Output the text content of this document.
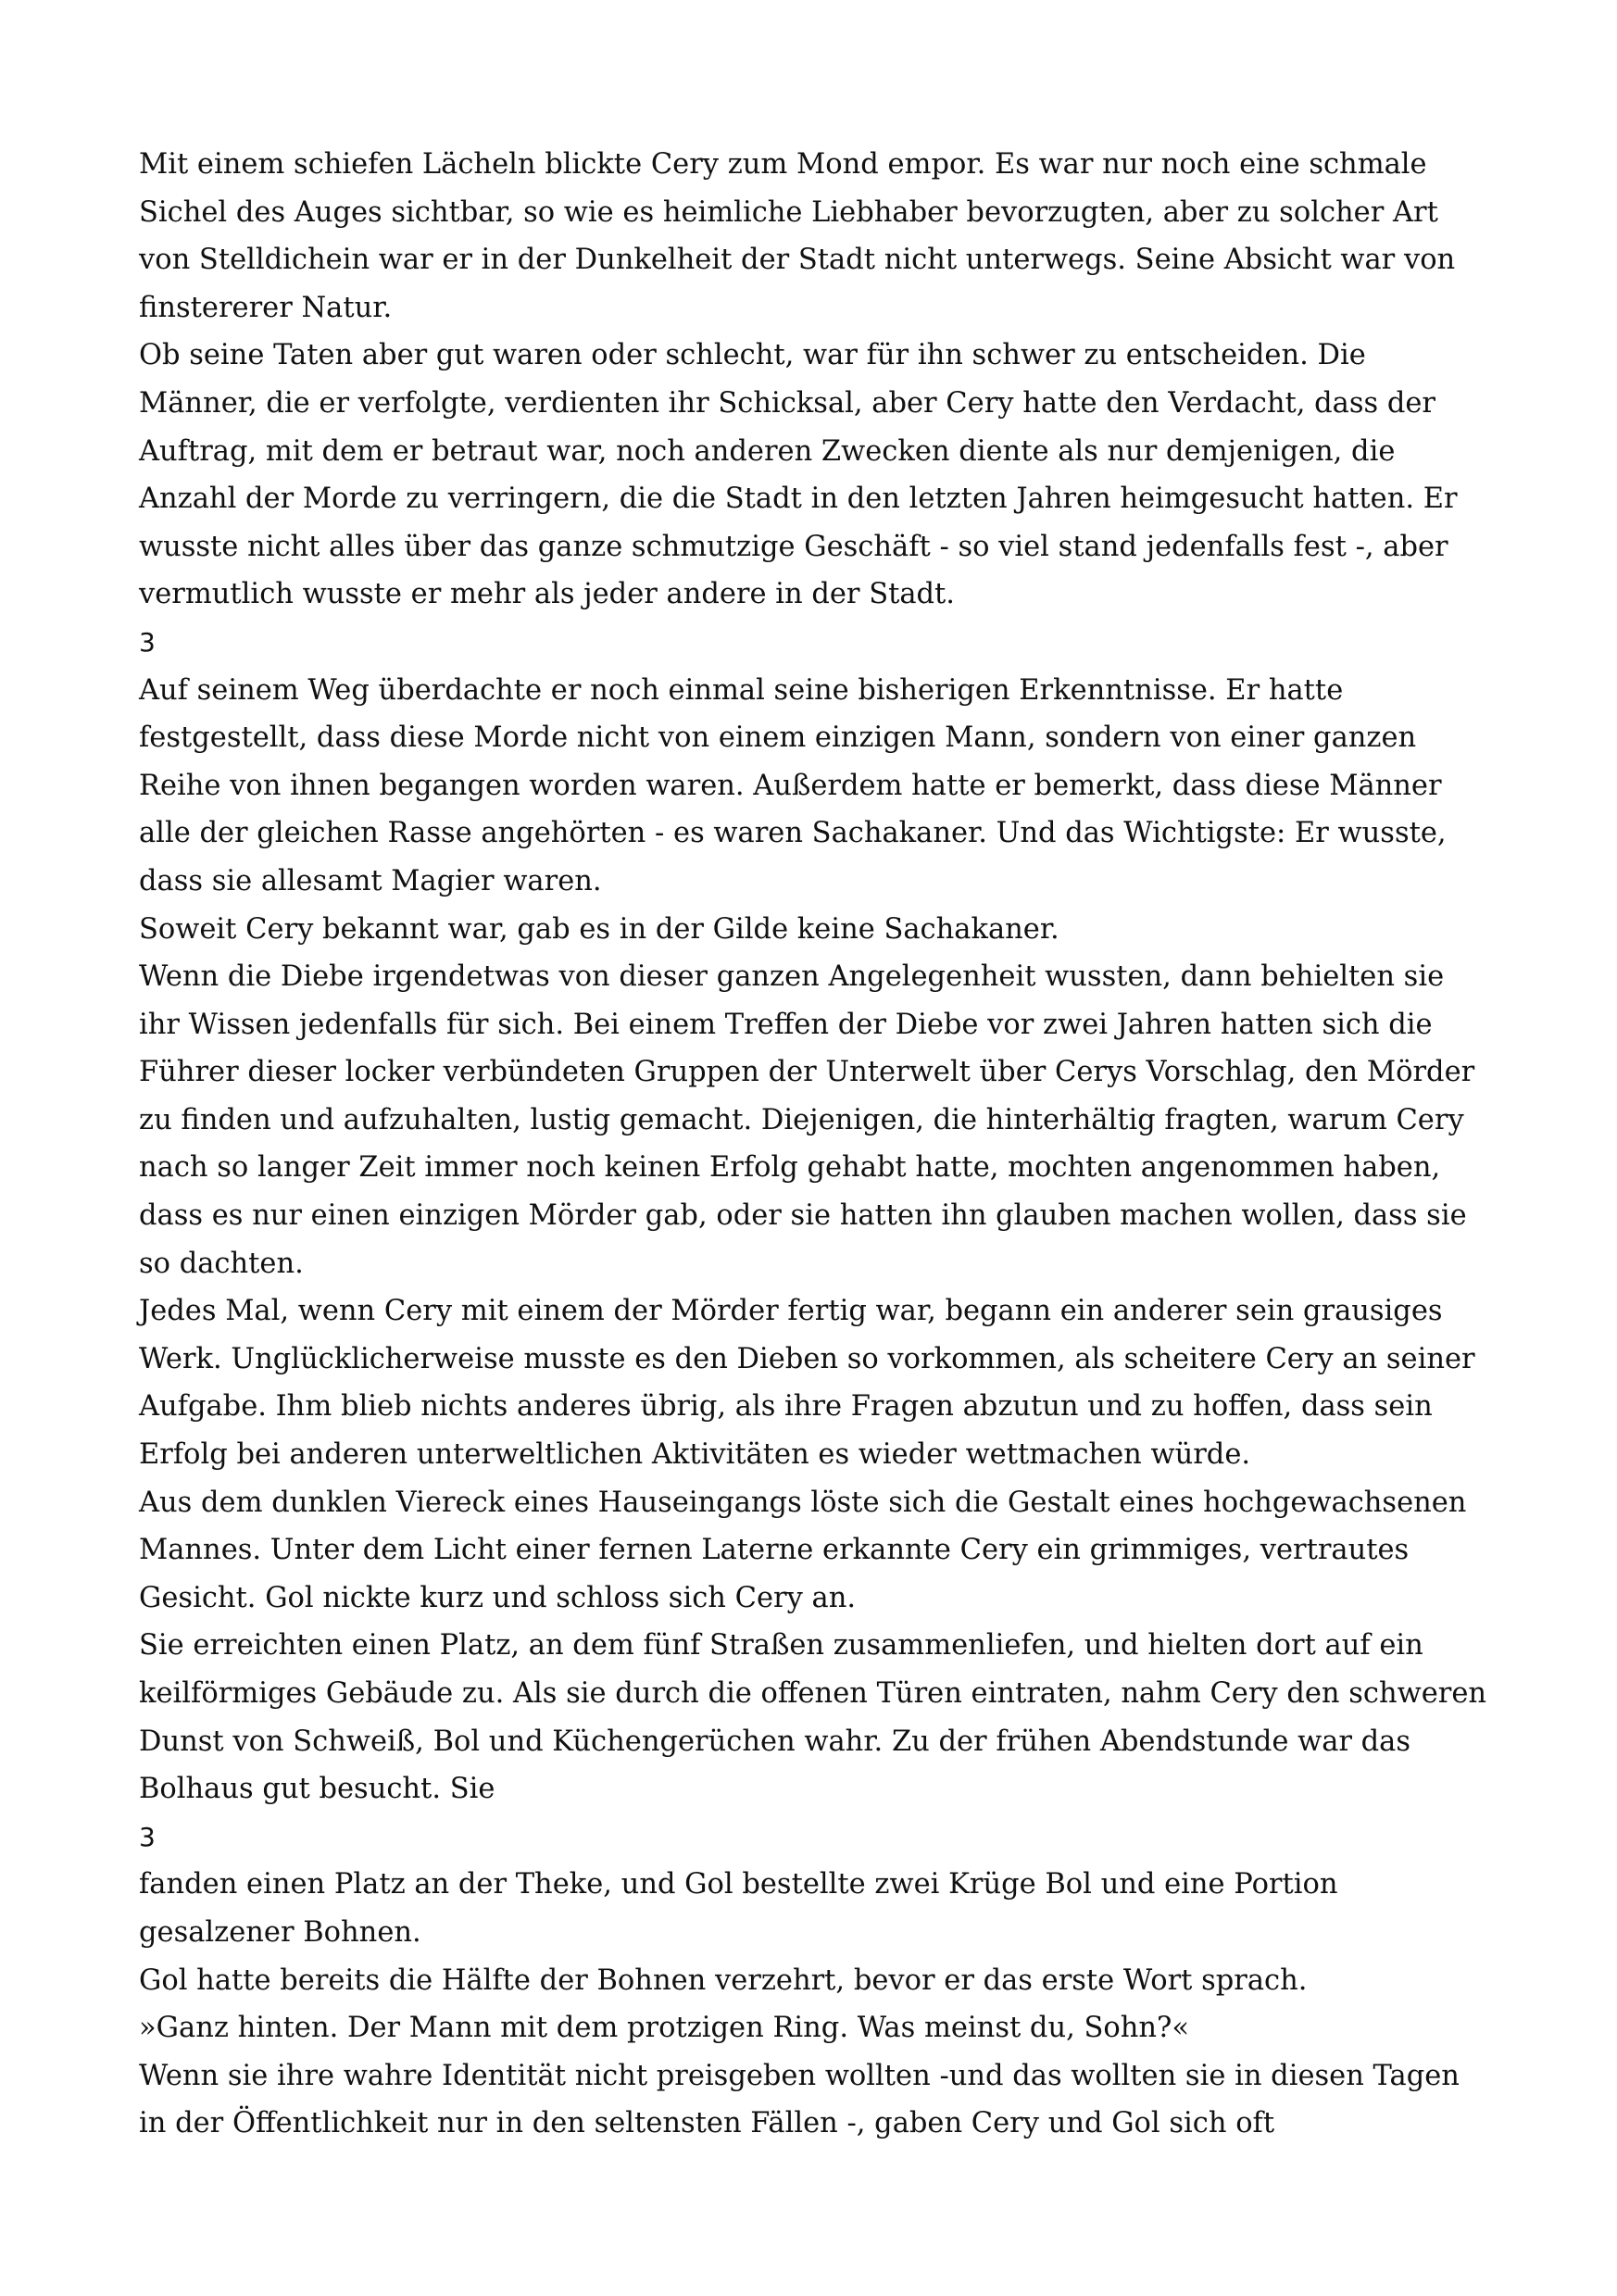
Mit einem schiefen Lächeln blickte Cery zum Mond empor. Es war nur noch eine schmale Sichel des Auges sichtbar, so wie es heimliche Liebhaber bevorzugten, aber zu solcher Art von Stelldichein war er in der Dunkelheit der Stadt nicht unterwegs. Seine Absicht war von finstererer Natur.

Ob seine Taten aber gut waren oder schlecht, war für ihn schwer zu entscheiden. Die Männer, die er verfolgte, verdienten ihr Schicksal, aber Cery hatte den Verdacht, dass der Auftrag, mit dem er betraut war, noch anderen Zwecken diente als nur demjenigen, die Anzahl der Morde zu verringern, die die Stadt in den letzten Jahren heimgesucht hatten. Er wusste nicht alles über das ganze schmutzige Geschäft - so viel stand jedenfalls fest -, aber vermutlich wusste er mehr als jeder andere in der Stadt.

3

Auf seinem Weg überdachte er noch einmal seine bisherigen Erkenntnisse. Er hatte festgestellt, dass diese Morde nicht von einem einzigen Mann, sondern von einer ganzen Reihe von ihnen begangen worden waren. Außerdem hatte er bemerkt, dass diese Männer alle der gleichen Rasse angehörten - es waren Sachakaner. Und das Wichtigste: Er wusste, dass sie allesamt Magier waren.

Soweit Cery bekannt war, gab es in der Gilde keine Sachakaner.

Wenn die Diebe irgendetwas von dieser ganzen Angelegenheit wussten, dann behielten sie ihr Wissen jedenfalls für sich. Bei einem Treffen der Diebe vor zwei Jahren hatten sich die Führer dieser locker verbündeten Gruppen der Unterwelt über Cerys Vorschlag, den Mörder zu finden und aufzuhalten, lustig gemacht. Diejenigen, die hinterhältig fragten, warum Cery nach so langer Zeit immer noch keinen Erfolg gehabt hatte, mochten angenommen haben, dass es nur einen einzigen Mörder gab, oder sie hatten ihn glauben machen wollen, dass sie so dachten.

Jedes Mal, wenn Cery mit einem der Mörder fertig war, begann ein anderer sein grausiges Werk. Unglücklicherweise musste es den Dieben so vorkommen, als scheitere Cery an seiner Aufgabe. Ihm blieb nichts anderes übrig, als ihre Fragen abzutun und zu hoffen, dass sein Erfolg bei anderen unterweltlichen Aktivitäten es wieder wettmachen würde.

Aus dem dunklen Viereck eines Hauseingangs löste sich die Gestalt eines hochgewachsenen Mannes. Unter dem Licht einer fernen Laterne erkannte Cery ein grimmiges, vertrautes Gesicht. Gol nickte kurz und schloss sich Cery an.

Sie erreichten einen Platz, an dem fünf Straßen zusammenliefen, und hielten dort auf ein keilförmiges Gebäude zu. Als sie durch die offenen Türen eintraten, nahm Cery den schweren Dunst von Schweiß, Bol und Küchengerüchen wahr. Zu der frühen Abendstunde war das Bolhaus gut besucht. Sie

3

fanden einen Platz an der Theke, und Gol bestellte zwei Krüge Bol und eine Portion gesalzener Bohnen.

Gol hatte bereits die Hälfte der Bohnen verzehrt, bevor er das erste Wort sprach.

»Ganz hinten. Der Mann mit dem protzigen Ring. Was meinst du, Sohn?«

Wenn sie ihre wahre Identität nicht preisgeben wollten -und das wollten sie in diesen Tagen in der Öffentlichkeit nur in den seltensten Fällen -, gaben Cery und Gol sich oft
